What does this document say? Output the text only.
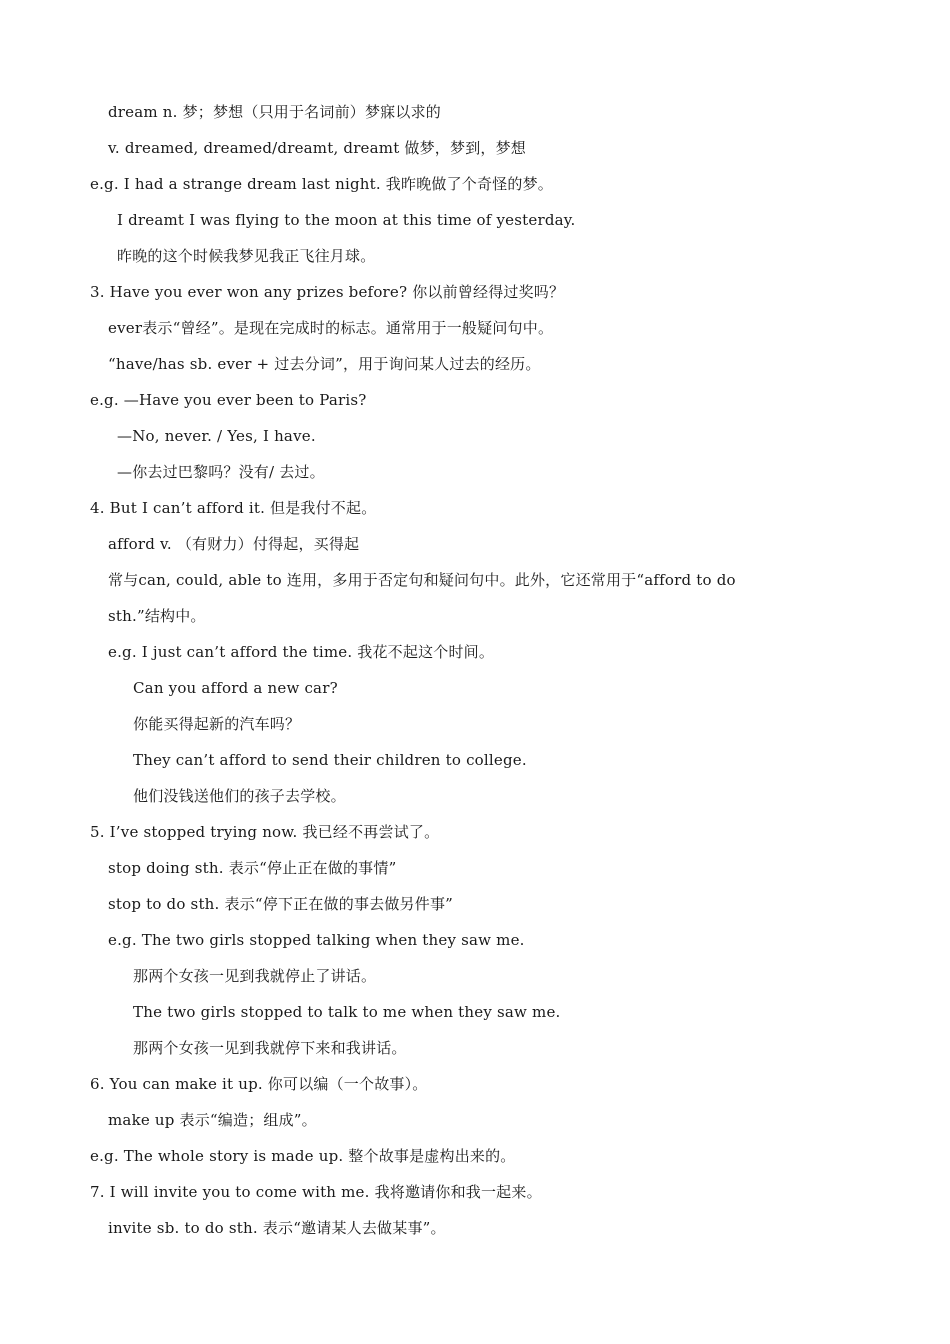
dream n. 梦；梦想（只用于名词前）梦寐以求的
v. dreamed, dreamed/dreamt, dreamt 做梦，梦到，梦想
e.g. I had a strange dream last night. 我昨晚做了个奇怪的梦。
I dreamt I was flying to the moon at this time of yesterday.
昨晚的这个时候我梦见我正飞往月球。
3. Have you ever won any prizes before? 你以前曾经得过奖吗？
ever表示“曾经”。是现在完成时的标志。通常用于一般疑问句中。
“have/has sb. ever + 过去分词”，用于询问某人过去的经历。
e.g. —Have you ever been to Paris?
—No, never. / Yes, I have.
—你去过巴黎吗？没有/ 去过。
4. But I can’t afford it. 但是我付不起。
afford v. （有财力）付得起，买得起
常与can, could, able to 连用，多用于否定句和疑问句中。此外，它还常用于“afford to do
sth.”结构中。
e.g. I just can’t afford the time. 我花不起这个时间。
Can you afford a new car?
你能买得起新的汽车吗？
They can’t afford to send their children to college.
他们没钱送他们的孩子去学校。
5. I’ve stopped trying now. 我已经不再尝试了。
stop doing sth. 表示“停止正在做的事情”
stop to do sth. 表示“停下正在做的事去做另件事”
e.g. The two girls stopped talking when they saw me.
那两个女孩一见到我就停止了讲话。
The two girls stopped to talk to me when they saw me.
那两个女孩一见到我就停下来和我讲话。
6. You can make it up. 你可以编（一个故事）。
make up 表示“编造；组成”。
e.g. The whole story is made up. 整个故事是虚构出来的。
7. I will invite you to come with me. 我将邀请你和我一起来。
invite sb. to do sth. 表示“邀请某人去做某事”。
